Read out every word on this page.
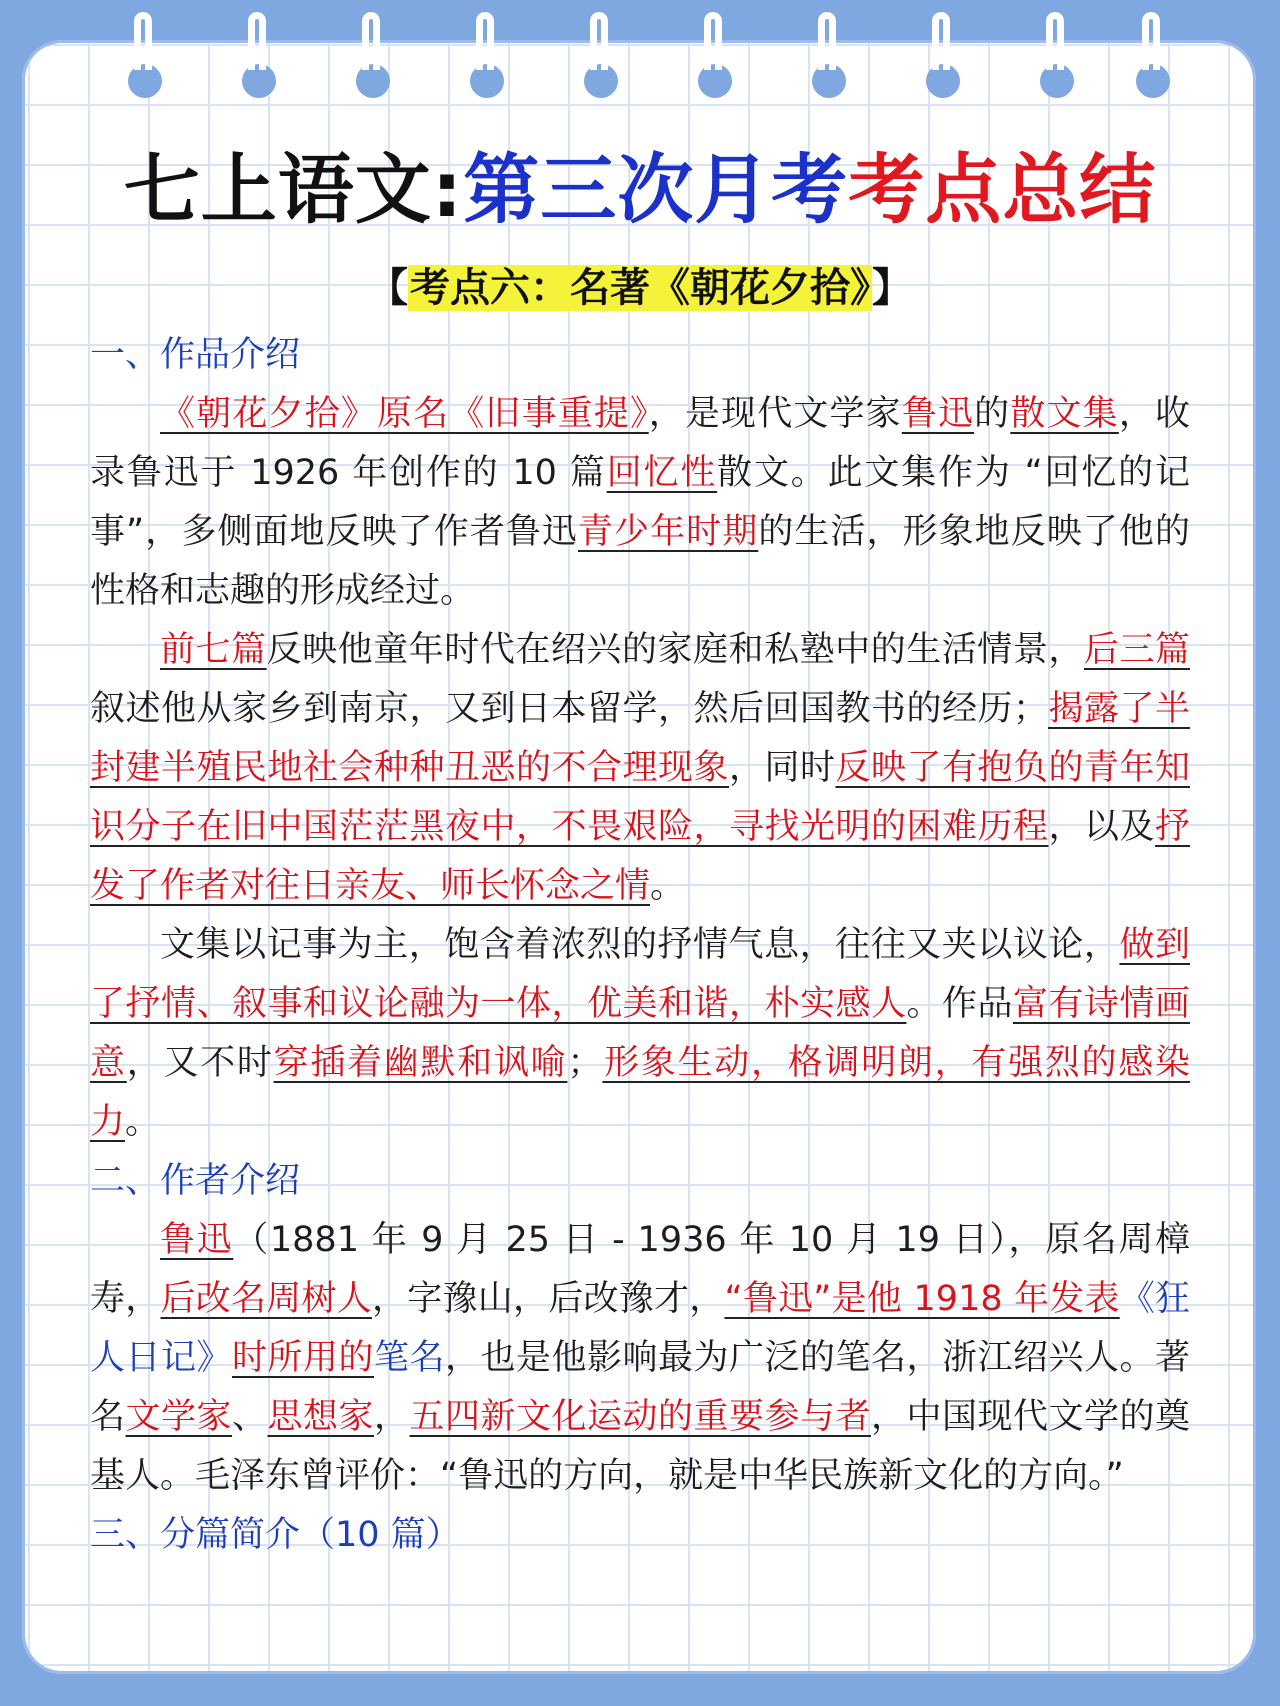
七上语文:第三次月考考点总结
【考点六：名著《朝花夕拾》】
一、作品介绍

《朝花夕拾》原名《旧事重提》，是现代文学家鲁迅的散文集，收录鲁迅于 1926 年创作的 10 篇回忆性散文。此文集作为 “回忆的记事”，多侧面地反映了作者鲁迅青少年时期的生活，形象地反映了他的性格和志趣的形成经过。

前七篇反映他童年时代在绍兴的家庭和私塾中的生活情景，后三篇叙述他从家乡到南京，又到日本留学，然后回国教书的经历；揭露了半封建半殖民地社会种种丑恶的不合理现象，同时反映了有抱负的青年知识分子在旧中国茫茫黑夜中，不畏艰险，寻找光明的困难历程，以及抒发了作者对往日亲友、师长怀念之情。

文集以记事为主，饱含着浓烈的抒情气息，往往又夹以议论，做到了抒情、叙事和议论融为一体，优美和谐，朴实感人。作品富有诗情画意，又不时穿插着幽默和讽喻；形象生动，格调明朗，有强烈的感染力。

二、作者介绍

鲁迅（1881 年 9 月 25 日 - 1936 年 10 月 19 日），原名周樟寿，后改名周树人，字豫山，后改豫才，“鲁迅”是他 1918 年发表《狂人日记》时所用的笔名，也是他影响最为广泛的笔名，浙江绍兴人。著名文学家、思想家，五四新文化运动的重要参与者，中国现代文学的奠基人。毛泽东曾评价：“鲁迅的方向，就是中华民族新文化的方向。”

三、分篇简介（10 篇）
